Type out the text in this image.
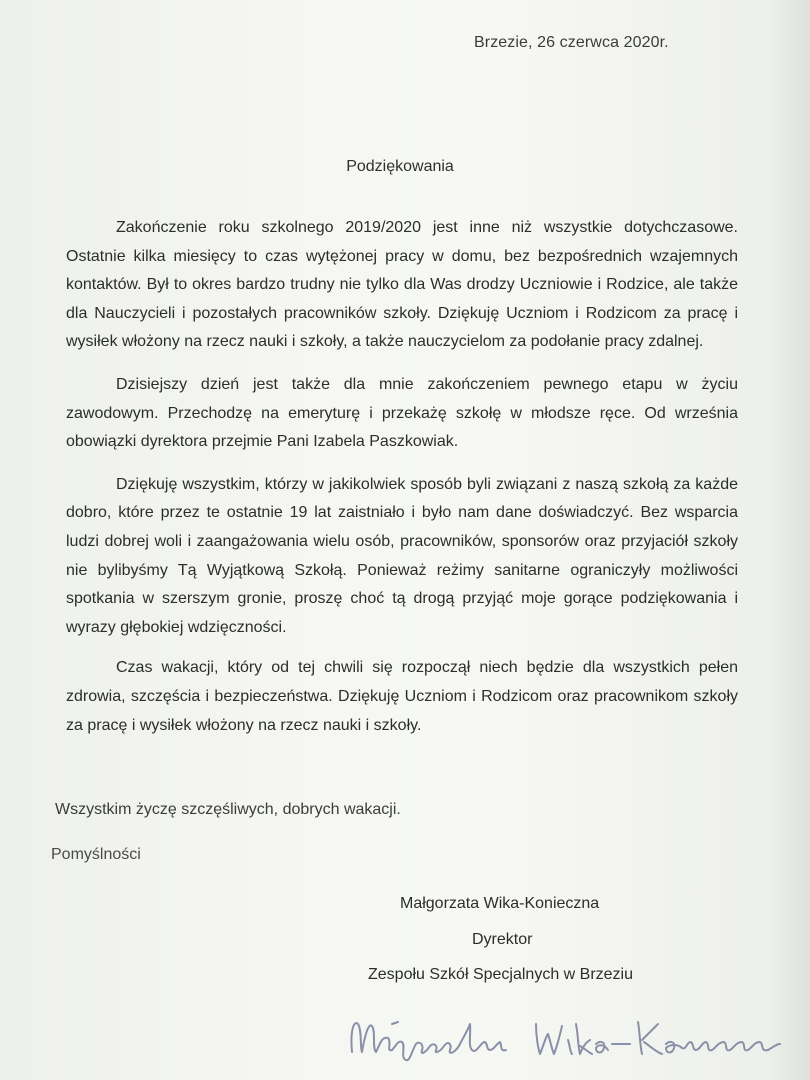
Brzezie, 26 czerwca 2020r.
Podziękowania

Zakończenie roku szkolnego 2019/2020 jest inne niż wszystkie dotychczasowe. Ostatnie kilka miesięcy to czas wytężonej pracy w domu, bez bezpośrednich wzajemnych kontaktów. Był to okres bardzo trudny nie tylko dla Was drodzy Uczniowie i Rodzice, ale także dla Nauczycieli i pozostałych pracowników szkoły. Dziękuję Uczniom i Rodzicom za pracę i wysiłek włożony na rzecz nauki i szkoły, a także nauczycielom za podołanie pracy zdalnej.

Dzisiejszy dzień jest także dla mnie zakończeniem pewnego etapu w życiu zawodowym. Przechodzę na emeryturę i przekażę szkołę w młodsze ręce. Od września obowiązki dyrektora przejmie Pani Izabela Paszkowiak.

Dziękuję wszystkim, którzy w jakikolwiek sposób byli związani z naszą szkołą za każde dobro, które przez te ostatnie 19 lat zaistniało i było nam dane doświadczyć. Bez wsparcia ludzi dobrej woli i zaangażowania wielu osób, pracowników, sponsorów oraz przyjaciół szkoły nie bylibyśmy Tą Wyjątkową Szkołą. Ponieważ reżimy sanitarne ograniczyły możliwości spotkania w szerszym gronie, proszę choć tą drogą przyjąć moje gorące podziękowania i wyrazy głębokiej wdzięczności.

Czas wakacji, który od tej chwili się rozpoczął niech będzie dla wszystkich pełen zdrowia, szczęścia i bezpieczeństwa. Dziękuję Uczniom i Rodzicom oraz pracownikom szkoły za pracę i wysiłek włożony na rzecz nauki i szkoły.

Wszystkim życzę szczęśliwych, dobrych wakacji.
Pomyślności
Małgorzata Wika-Konieczna
Dyrektor
Zespołu Szkół Specjalnych w Brzeziu
